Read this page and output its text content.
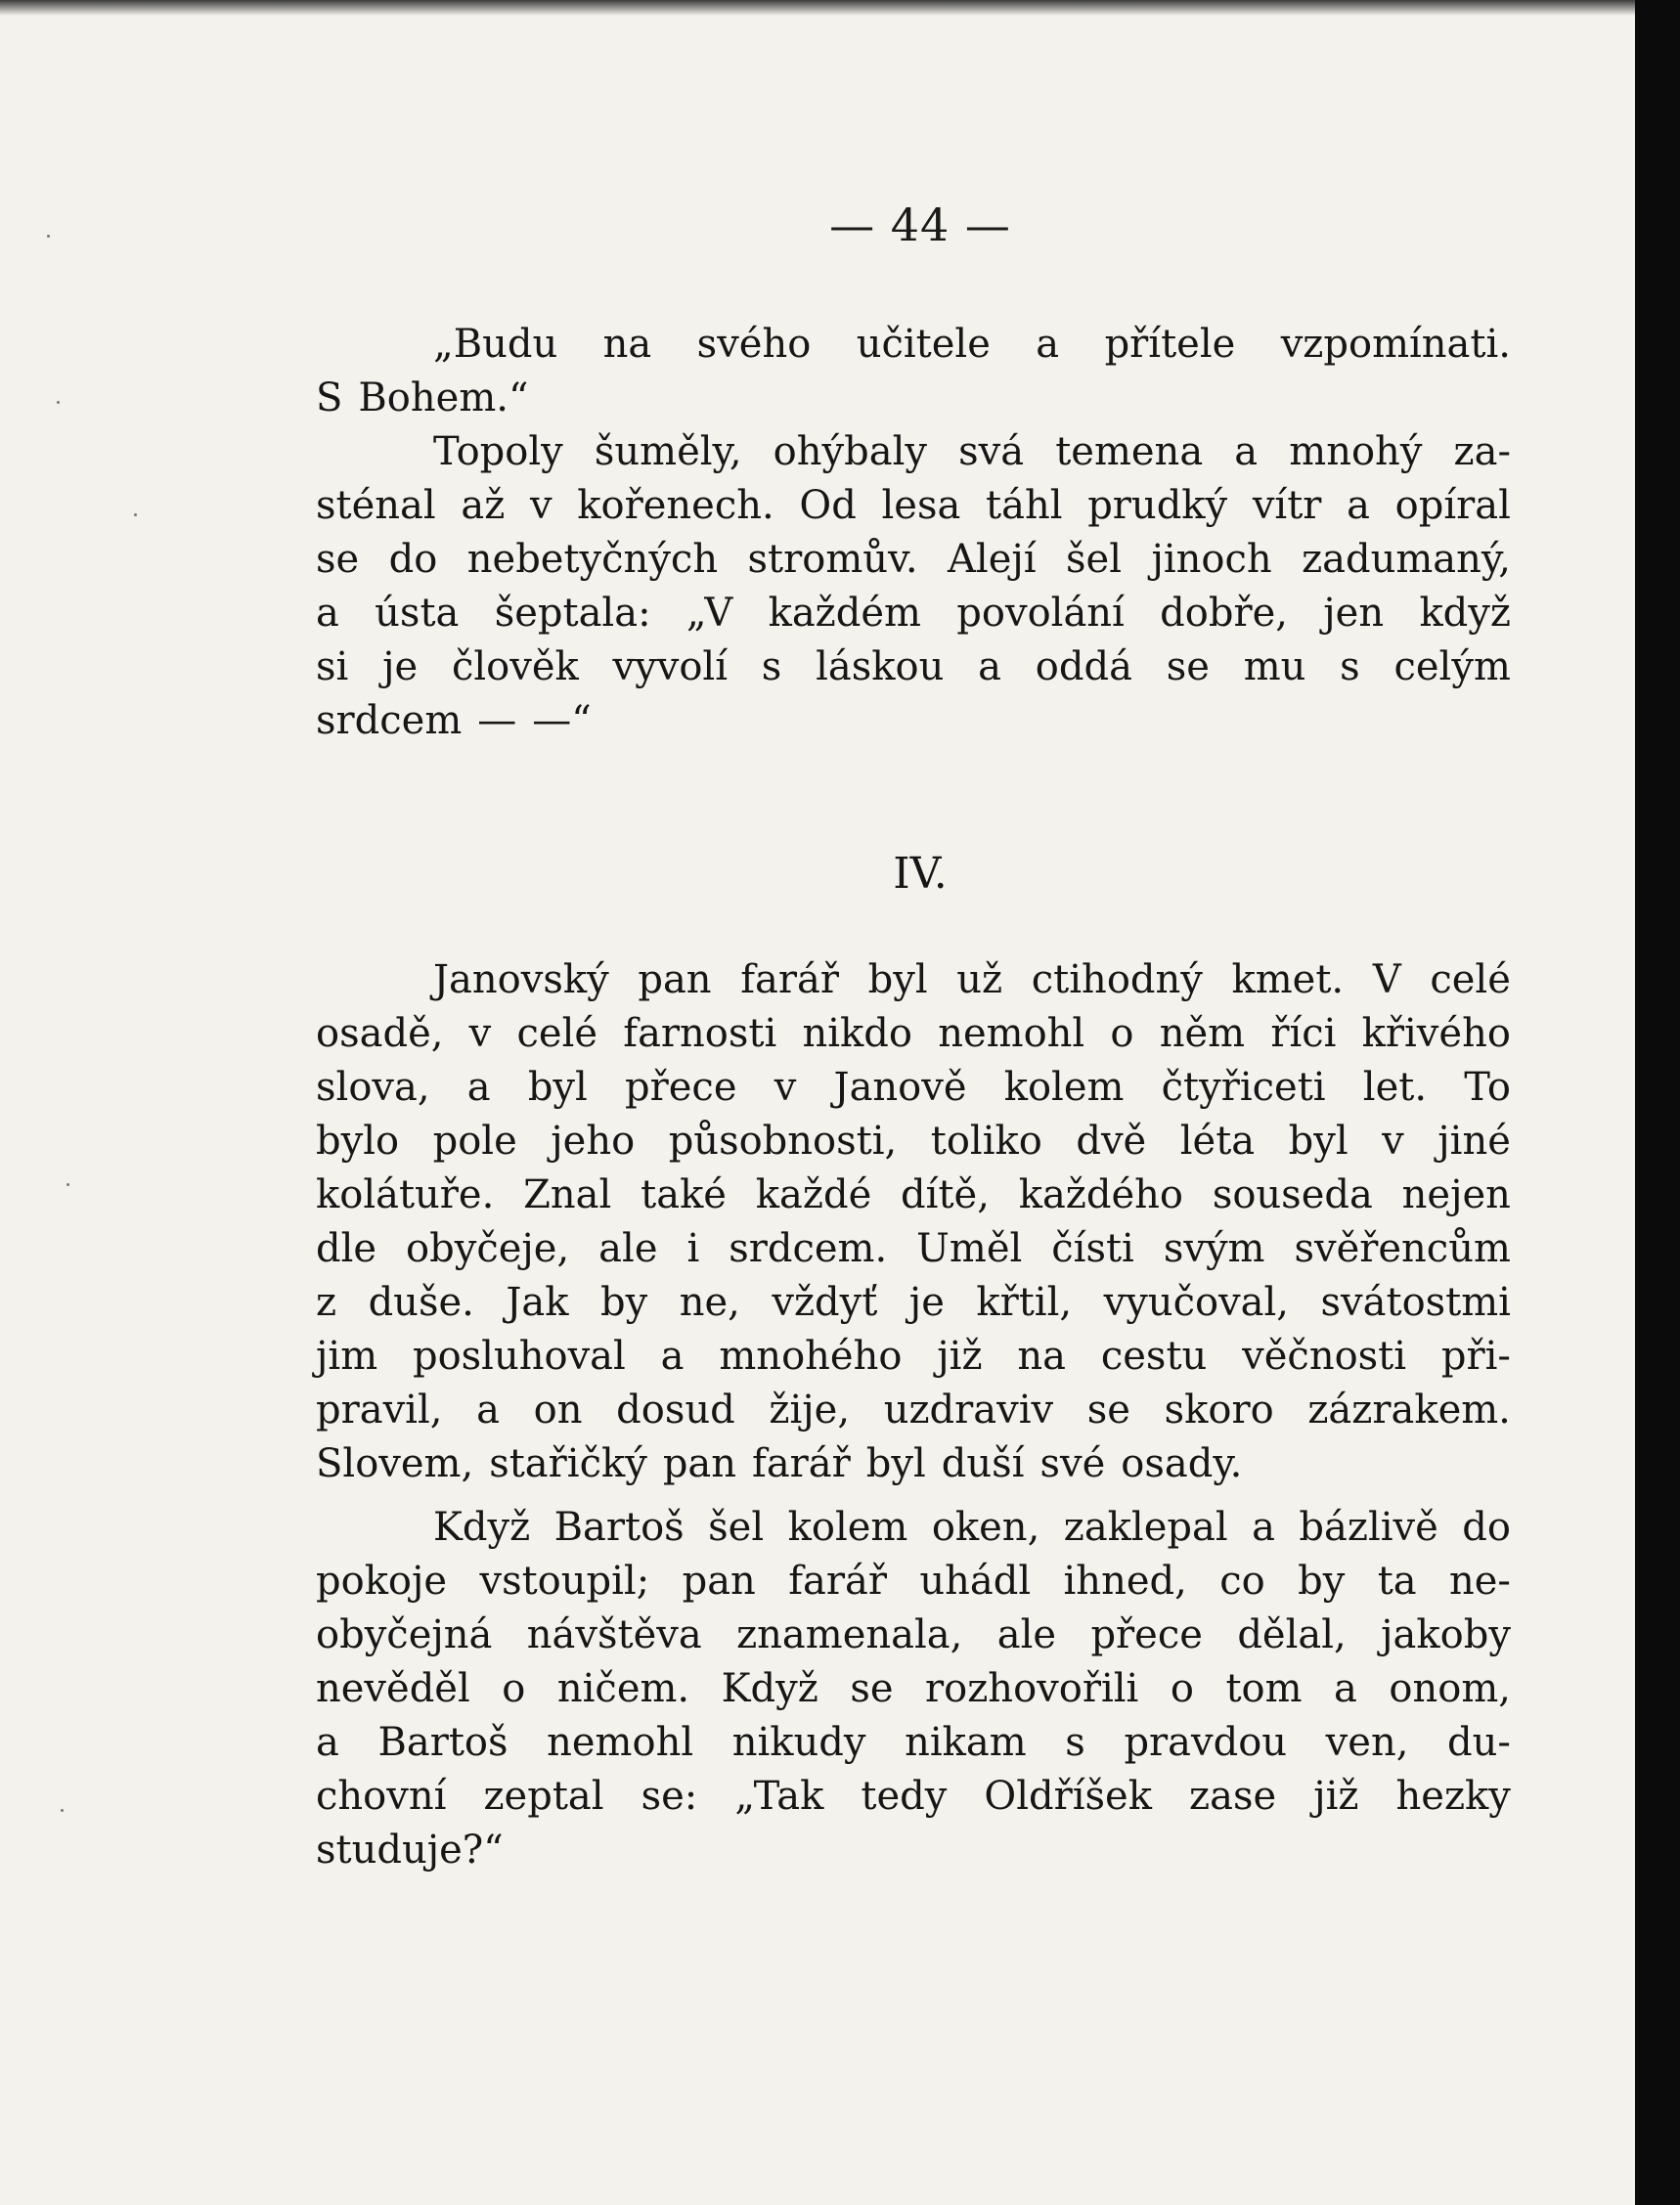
— 44 —
„Budu na svého učitele a přítele vzpomínati.
S Bohem.“
Topoly šuměly, ohýbaly svá temena a mnohý za-
sténal až v kořenech. Od lesa táhl prudký vítr a opíral
se do nebetyčných stromův. Alejí šel jinoch zadumaný,
a ústa šeptala: „V každém povolání dobře, jen když
si je člověk vyvolí s láskou a oddá se mu s celým
srdcem — —“
IV.
Janovský pan farář byl už ctihodný kmet. V celé
osadě, v celé farnosti nikdo nemohl o něm říci křivého
slova, a byl přece v Janově kolem čtyřiceti let. To
bylo pole jeho působnosti, toliko dvě léta byl v jiné
kolátuře. Znal také každé dítě, každého souseda nejen
dle obyčeje, ale i srdcem. Uměl čísti svým svěřencům
z duše. Jak by ne, vždyť je křtil, vyučoval, svátostmi
jim posluhoval a mnohého již na cestu věčnosti při-
pravil, a on dosud žije, uzdraviv se skoro zázrakem.
Slovem, stařičký pan farář byl duší své osady.
Když Bartoš šel kolem oken, zaklepal a bázlivě do
pokoje vstoupil; pan farář uhádl ihned, co by ta ne-
obyčejná návštěva znamenala, ale přece dělal, jakoby
nevěděl o ničem. Když se rozhovořili o tom a onom,
a Bartoš nemohl nikudy nikam s pravdou ven, du-
chovní zeptal se: „Tak tedy Oldříšek zase již hezky
studuje?“
